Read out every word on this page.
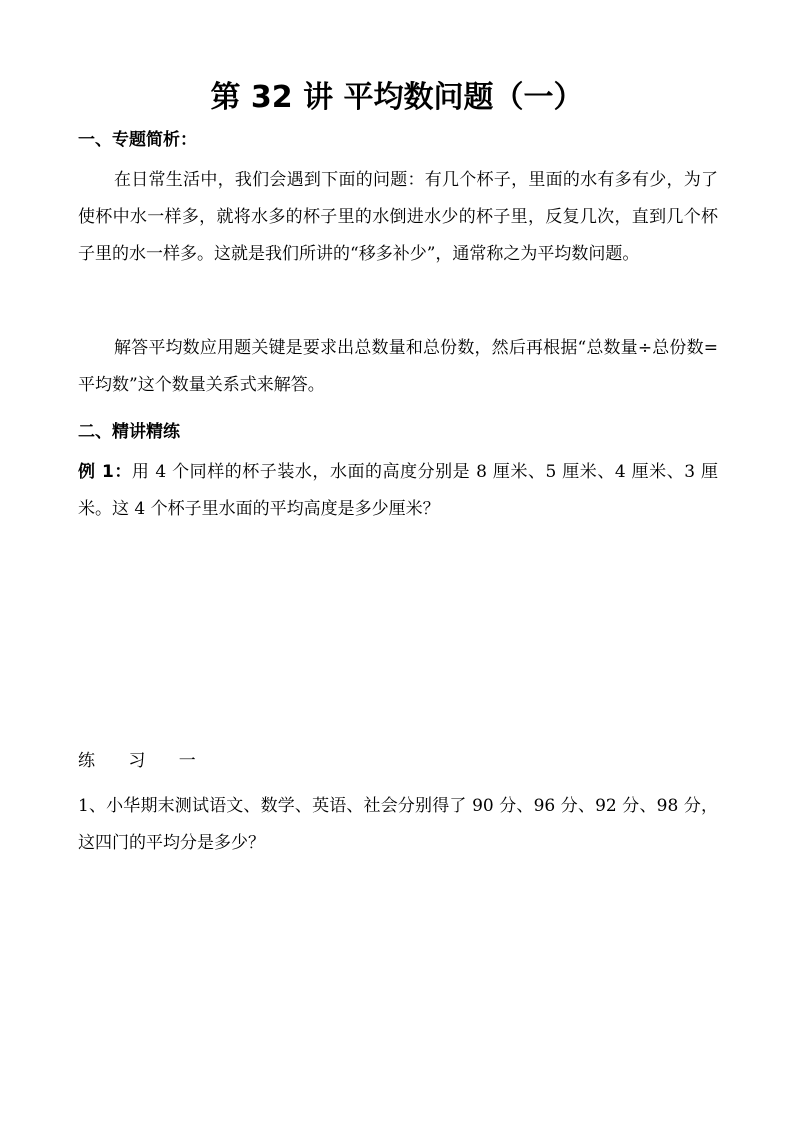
第 32 讲 平均数问题（一）
一、专题简析：
在日常生活中，我们会遇到下面的问题：有几个杯子，里面的水有多有少，为了使杯中水一样多，就将水多的杯子里的水倒进水少的杯子里，反复几次，直到几个杯子里的水一样多。这就是我们所讲的“移多补少”，通常称之为平均数问题。
解答平均数应用题关键是要求出总数量和总份数，然后再根据“总数量÷总份数=平均数”这个数量关系式来解答。
二、精讲精练
例 1：用 4 个同样的杯子装水，水面的高度分别是 8 厘米、5 厘米、4 厘米、3 厘米。这 4 个杯子里水面的平均高度是多少厘米？
练 习 一
1、小华期末测试语文、数学、英语、社会分别得了 90 分、96 分、92 分、98 分，这四门的平均分是多少？
